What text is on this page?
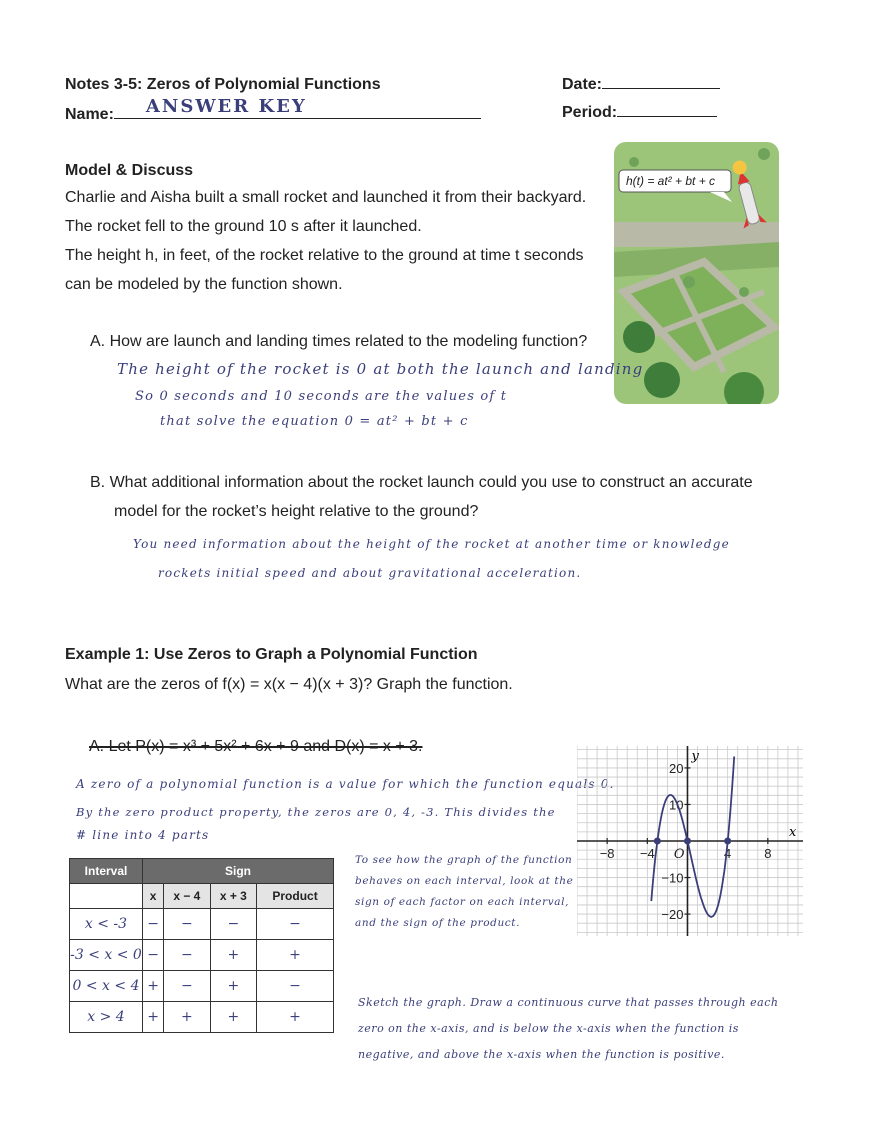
Notes 3-5: Zeros of Polynomial Functions
Name: ANSWER KEY
Date:
Period:
Model & Discuss
Charlie and Aisha built a small rocket and launched it from their backyard.
The rocket fell to the ground 10 s after it launched.
The height h, in feet, of the rocket relative to the ground at time t seconds
can be modeled by the function shown.
h(t) = at² + bt + c
A. How are launch and landing times related to the modeling function?
The height of the rocket is 0 at both the launch and landing
So 0 seconds and 10 seconds are the values of t
that solve the equation 0 = at² + bt + c
B. What additional information about the rocket launch could you use to construct an accurate
model for the rocket’s height relative to the ground?
You need information about the height of the rocket at another time or knowledge
rockets initial speed and about gravitational acceleration.
Example 1: Use Zeros to Graph a Polynomial Function
What are the zeros of f(x) = x(x − 4)(x + 3)? Graph the function.
A. Let P(x) = x³ + 5x² + 6x + 9 and D(x) = x + 3.
A zero of a polynomial function is a value for which the function equals 0.
By the zero product property, the zeros are 0, 4, -3. This divides the
# line into 4 parts
Interval	Sign			
	x	x − 4	x + 3	Product
x < -3	−	−	−	−
-3 < x < 0	−	−	+	+
0 < x < 4	+	−	+	−
x > 4	+	+	+	+
To see how the graph of the function
behaves on each interval, look at the
sign of each factor on each interval,
and the sign of the product.
Sketch the graph. Draw a continuous curve that passes through each
zero on the x-axis, and is below the x-axis when the function is
negative, and above the x-axis when the function is positive.
x
y
−8 −4	4	8
20
10
−10
−20
O
